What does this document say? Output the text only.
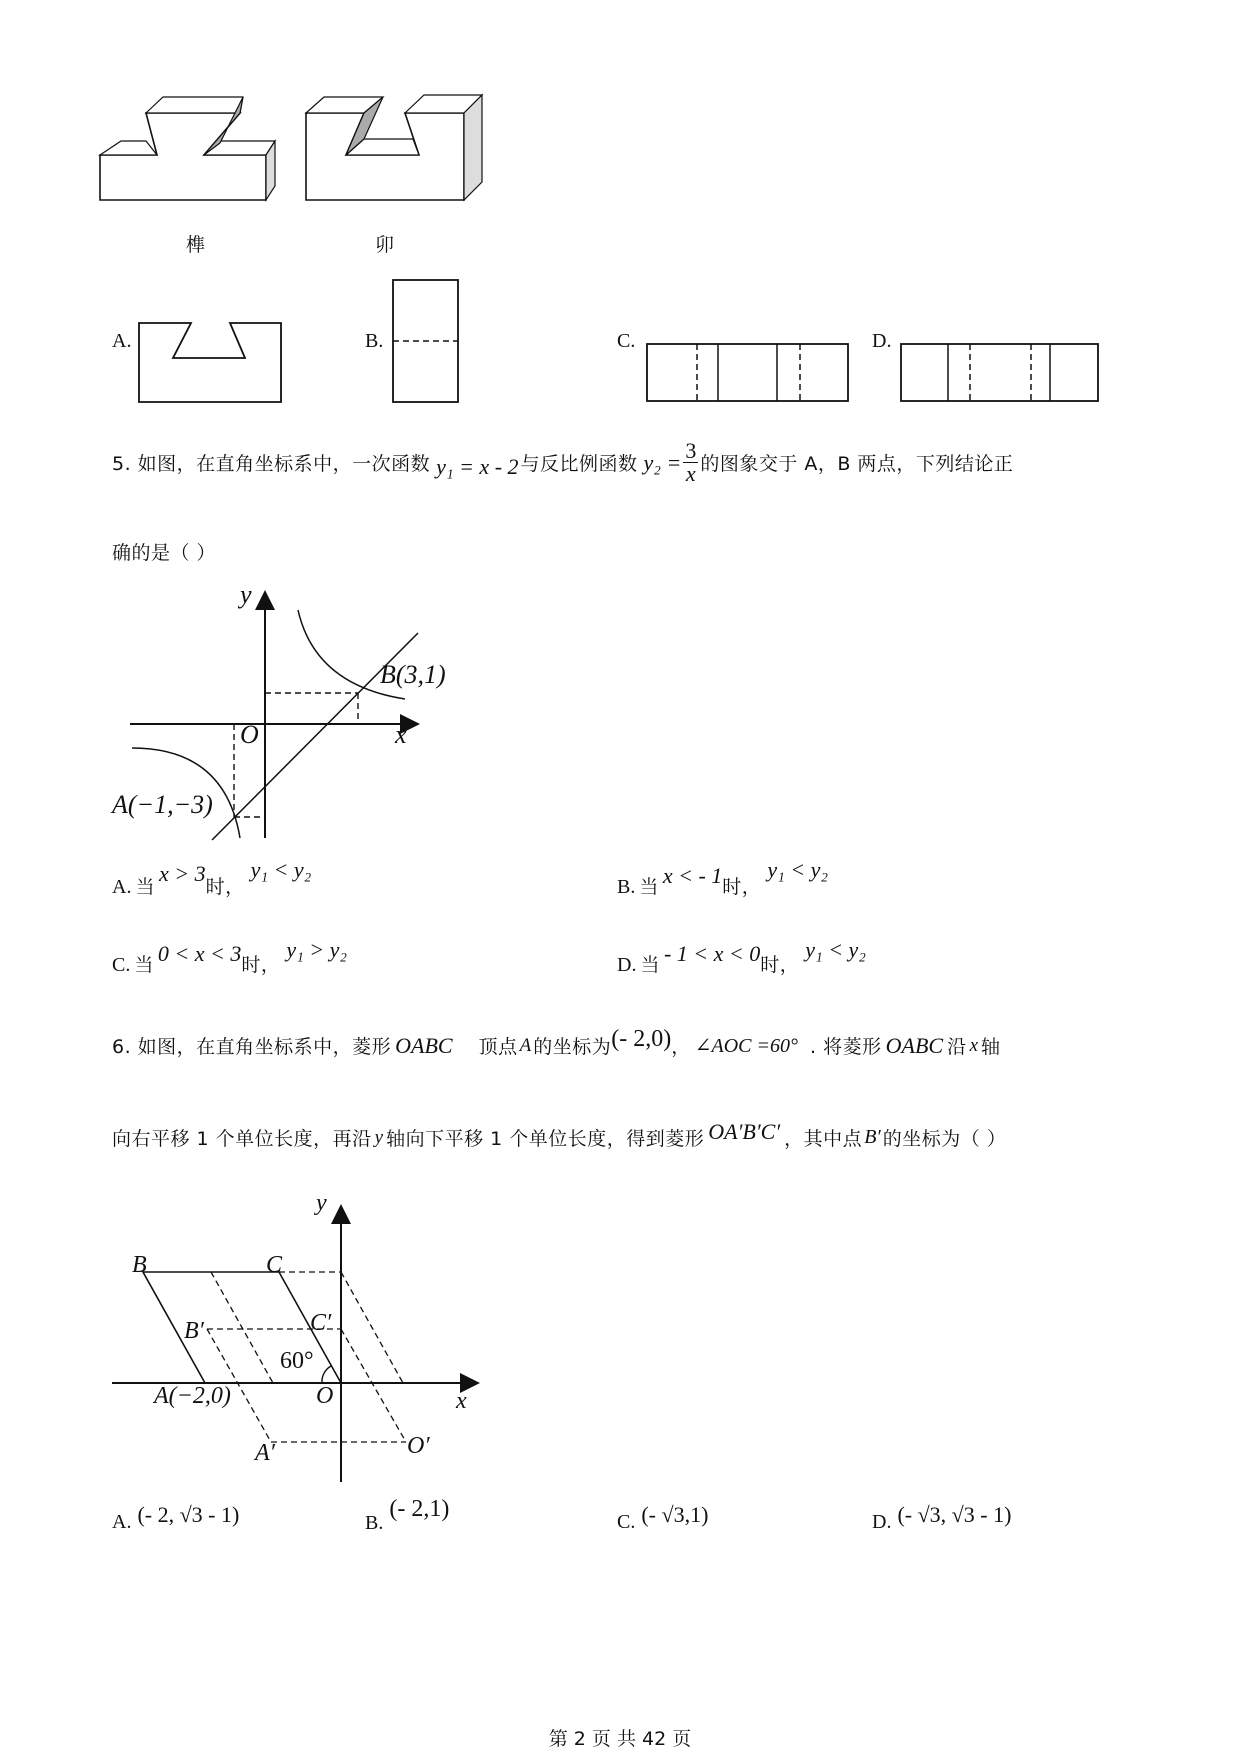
榫	卯
A.	B.	C.	D.
5. 如图，在直角坐标系中，一次函数 y₁ = x - 2 与反比例函数 $y_2 = \frac{3}{x}$ 的图象交于 A，B 两点，下列结论正
确的是（ ）
y
x
O
B(3,1)
A(−1,−3)
A. 当
x > 3
时，
y₁ < y₂
B. 当 x < - 1 时，
y₁ < y₂
C. 当 0 < x < 3 时，
y₁ > y₂
D. 当 - 1 < x < 0 时，
y₁ < y₂
6. 如图，在直角坐标系中，菱形 OABC 顶点 A 的坐标为 (- 2,0) ， ∠AOC =60° . 将菱形 OABC 沿 x 轴
向右平移 1 个单位长度，再沿 y 轴向下平移 1 个单位长度，得到菱形 OA′B′C′ ，其中点 B′ 的坐标为（ ）
y
x
B	C
C′
B′
60°
A(−2,0)	O
A′	O′
A. (- 2, √3 - 1)	B.
(- 2,1)	C. (- √3,1)	D. (- √3, √3 - 1)
第 2 页 共 42 页
